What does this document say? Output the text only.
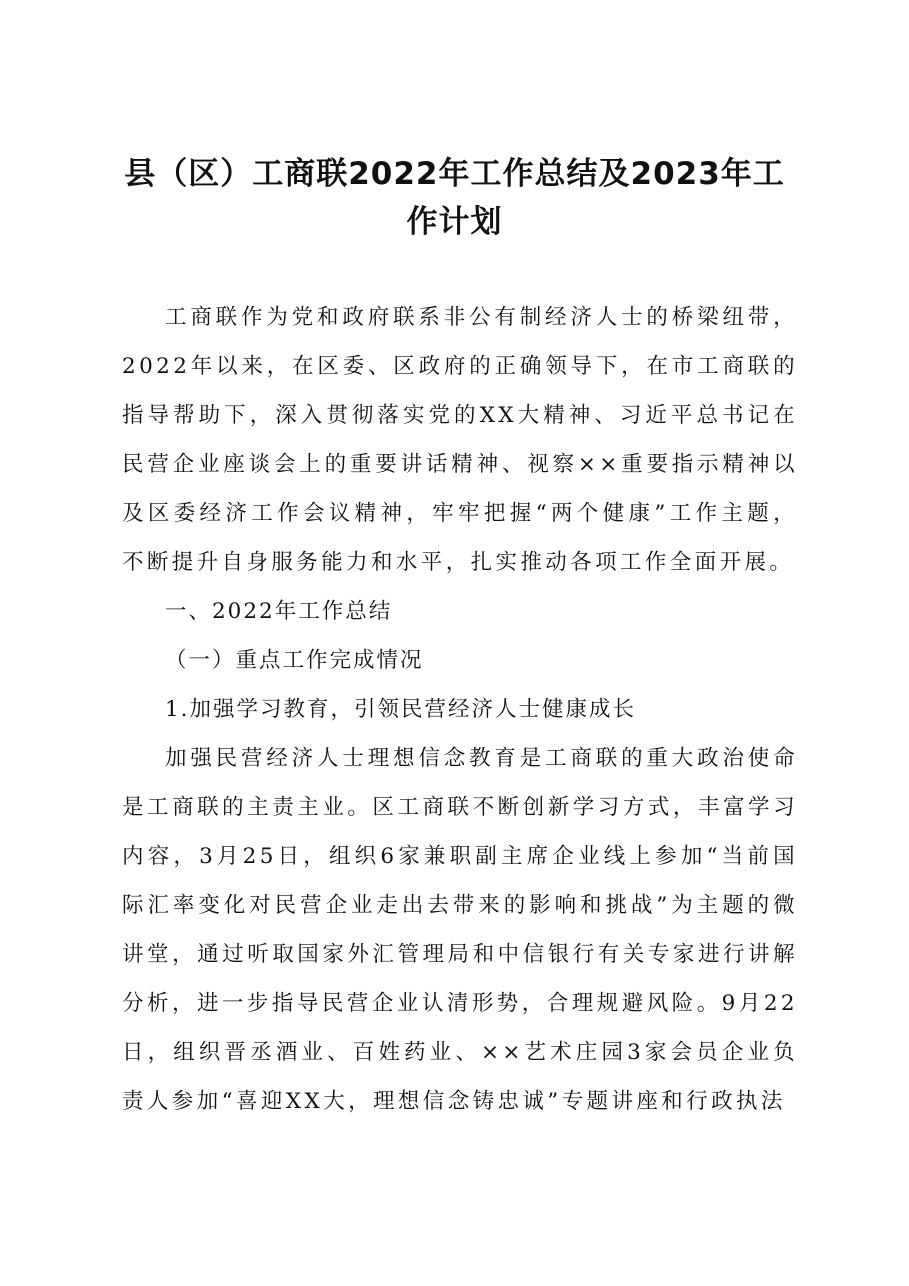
县（区）工商联2022年工作总结及2023年工
作计划

工商联作为党和政府联系非公有制经济人士的桥梁纽带，2022年以来，在区委、区政府的正确领导下，在市工商联的指导帮助下，深入贯彻落实党的XX大精神、习近平总书记在民营企业座谈会上的重要讲话精神、视察××重要指示精神以及区委经济工作会议精神，牢牢把握“两个健康”工作主题，不断提升自身服务能力和水平，扎实推动各项工作全面开展。

一、2022年工作总结

（一）重点工作完成情况

1.加强学习教育，引领民营经济人士健康成长

加强民营经济人士理想信念教育是工商联的重大政治使命是工商联的主责主业。区工商联不断创新学习方式，丰富学习内容，3月25日，组织6家兼职副主席企业线上参加“当前国际汇率变化对民营企业走出去带来的影响和挑战”为主题的微讲堂，通过听取国家外汇管理局和中信银行有关专家进行讲解分析，进一步指导民营企业认清形势，合理规避风险。9月22日，组织晋丞酒业、百姓药业、××艺术庄园3家会员企业负责人参加“喜迎XX大，理想信念铸忠诚”专题讲座和行政执法
